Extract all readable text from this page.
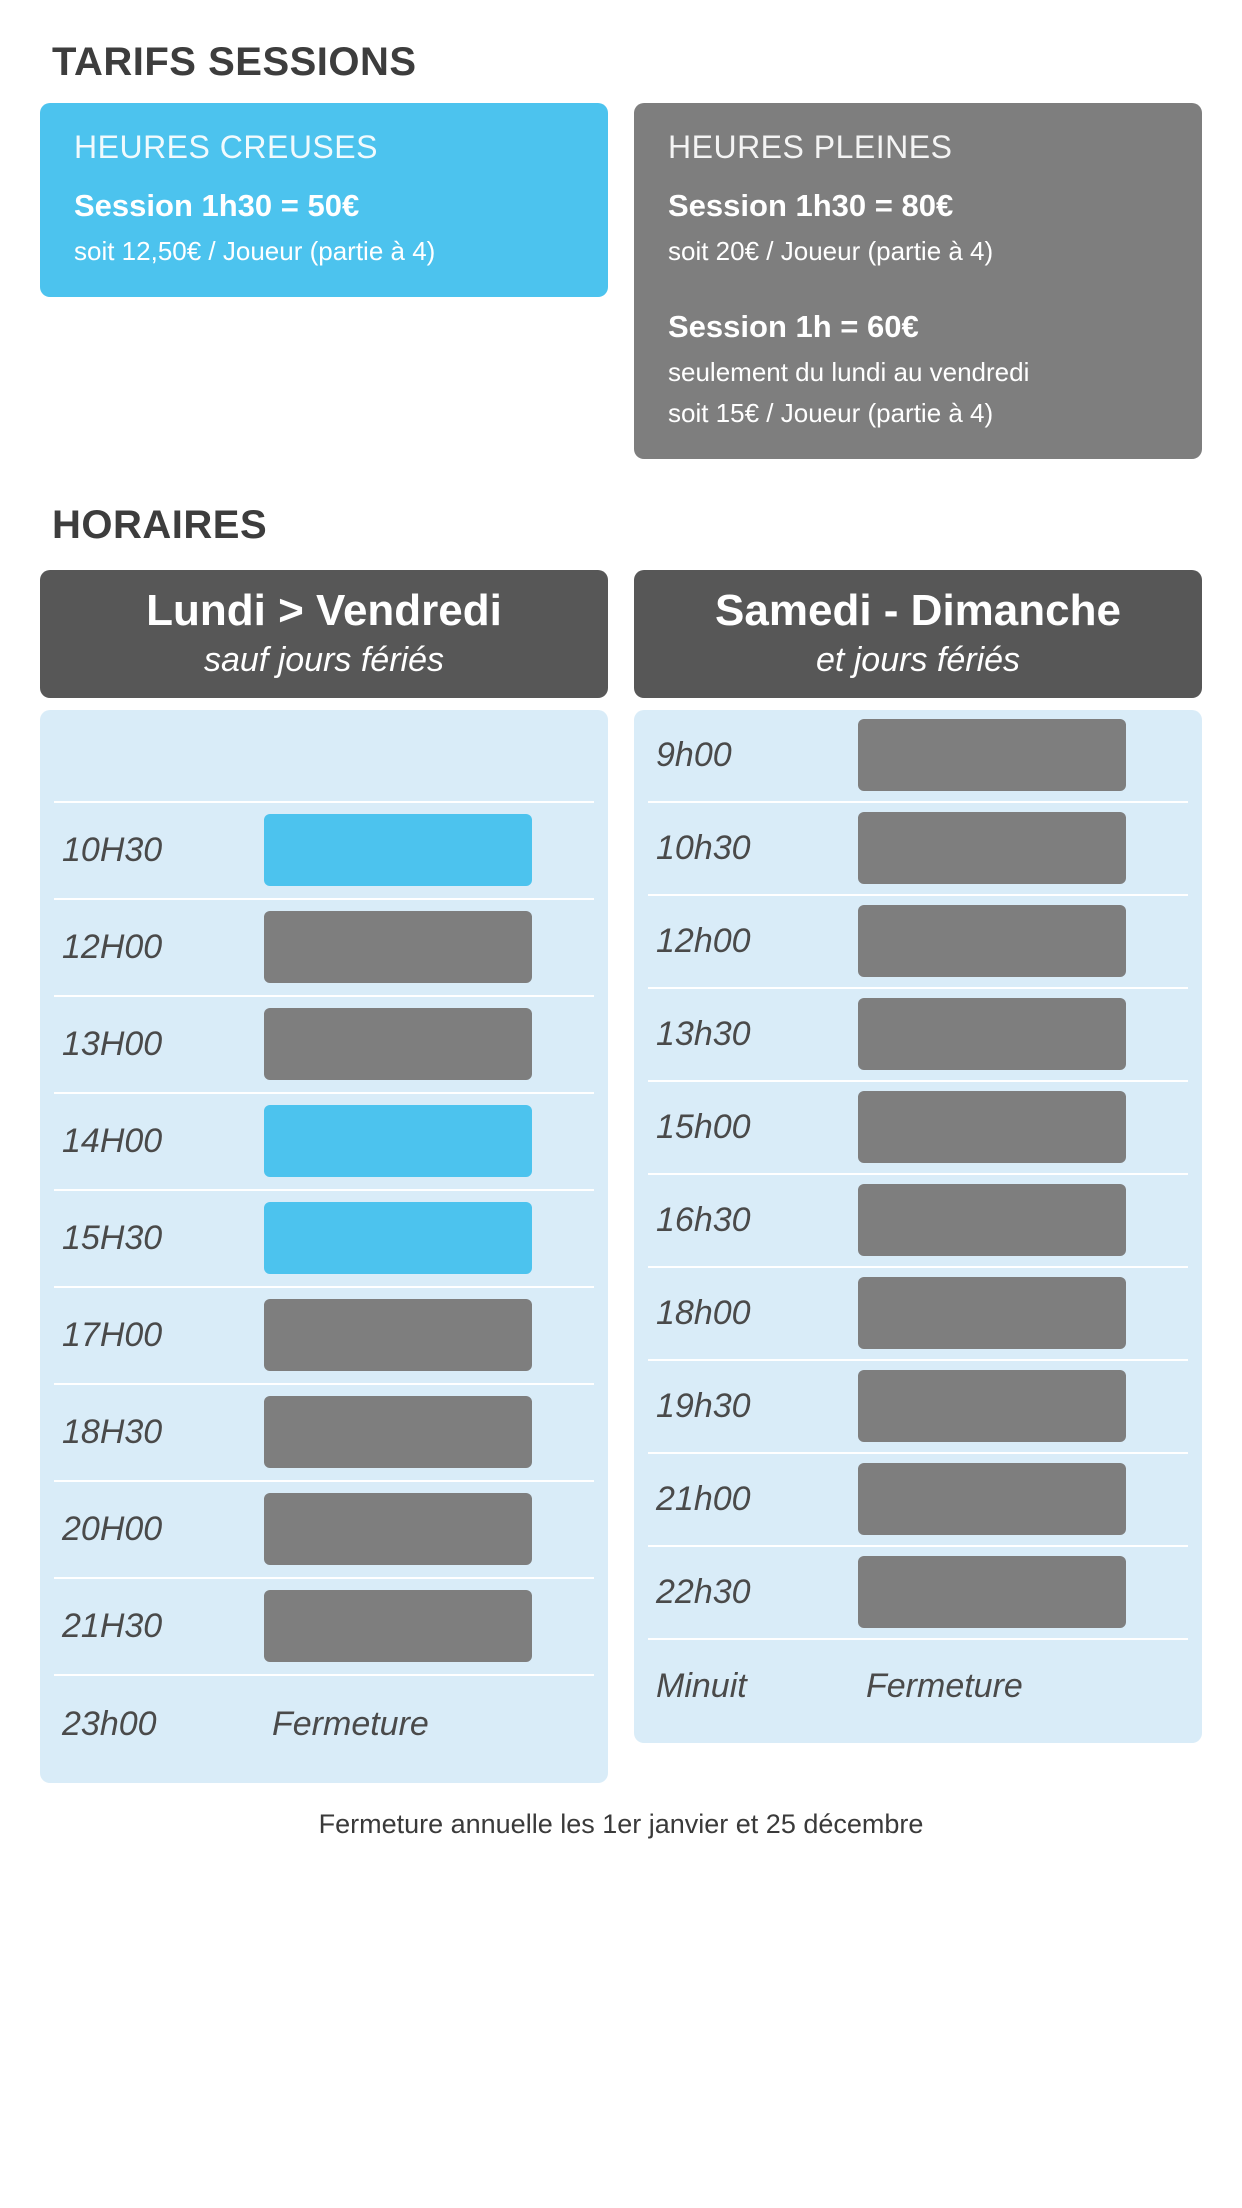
TARIFS SESSIONS
HEURES CREUSES
Session 1h30 = 50€
soit 12,50€ / Joueur (partie à 4)
HEURES PLEINES
Session 1h30 = 80€
soit 20€ / Joueur (partie à 4)
Session 1h = 60€
seulement du lundi au vendredi
soit 15€ / Joueur (partie à 4)
HORAIRES
Lundi > Vendredi
sauf jours fériés
10H30
12H00
13H00
14H00
15H30
17H00
18H30
20H00
21H30
23h00	Fermeture
Samedi - Dimanche
et jours fériés
9h00
10h30
12h00
13h30
15h00
16h30
18h00
19h30
21h00
22h30
Minuit	Fermeture
Fermeture annuelle les 1er janvier et 25 décembre
